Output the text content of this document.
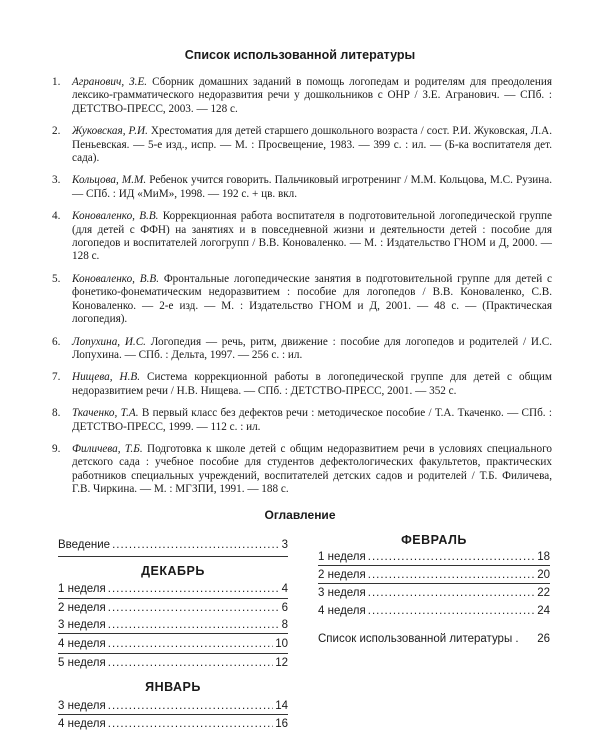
Список использованной литературы
1. Агранович, З.Е. Сборник домашних заданий в помощь логопедам и родителям для преодоления лексико-грамматического недоразвития речи у дошкольников с ОНР / З.Е. Агранович. — СПб. : ДЕТСТВО-ПРЕСС, 2003. — 128 с.
2. Жуковская, Р.И. Хрестоматия для детей старшего дошкольного возраста / сост. Р.И. Жуковская, Л.А. Пеньевская. — 5-е изд., испр. — М. : Просвещение, 1983. — 399 с. : ил. — (Б-ка воспитателя дет. сада).
3. Кольцова, М.М. Ребенок учится говорить. Пальчиковый игротренинг / М.М. Кольцова, М.С. Рузина. — СПб. : ИД «МиМ», 1998. — 192 с. + цв. вкл.
4. Коноваленко, В.В. Коррекционная работа воспитателя в подготовительной логопедической группе (для детей с ФФН) на занятиях и в повседневной жизни и деятельности детей : пособие для логопедов и воспитателей логогрупп / В.В. Коноваленко. — М. : Издательство ГНОМ и Д, 2000. — 128 с.
5. Коноваленко, В.В. Фронтальные логопедические занятия в подготовительной группе для детей с фонетико-фонематическим недоразвитием : пособие для логопедов / В.В. Коноваленко, С.В. Коноваленко. — 2-е изд. — М. : Издательство ГНОМ и Д, 2001. — 48 с. — (Практическая логопедия).
6. Лопухина, И.С. Логопедия — речь, ритм, движение : пособие для логопедов и родителей / И.С. Лопухина. — СПб. : Дельта, 1997. — 256 с. : ил.
7. Нищева, Н.В. Система коррекционной работы в логопедической группе для детей с общим недоразвитием речи / Н.В. Нищева. — СПб. : ДЕТСТВО-ПРЕСС, 2001. — 352 с.
8. Ткаченко, Т.А. В первый класс без дефектов речи : методическое пособие / Т.А. Ткаченко. — СПб. : ДЕТСТВО-ПРЕСС, 1999. — 112 с. : ил.
9. Филичева, Т.Б. Подготовка к школе детей с общим недоразвитием речи в условиях специального детского сада : учебное пособие для студентов дефектологических факультетов, практических работников специальных учреждений, воспитателей детских садов и родителей / Т.Б. Филичева, Г.В. Чиркина. — М. : МГЗПИ, 1991. — 188 с.
Оглавление
Введение .....	3
ДЕКАБРЬ
1 неделя .....	4
2 неделя .....	6
3 неделя .....	8
4 неделя .....	10
5 неделя .....	12
ЯНВАРЬ
3 неделя .....	14
4 неделя .....	16
ФЕВРАЛЬ
1 неделя .....	18
2 неделя .....	20
3 неделя .....	22
4 неделя .....	24
Список использованной литературы . 26
